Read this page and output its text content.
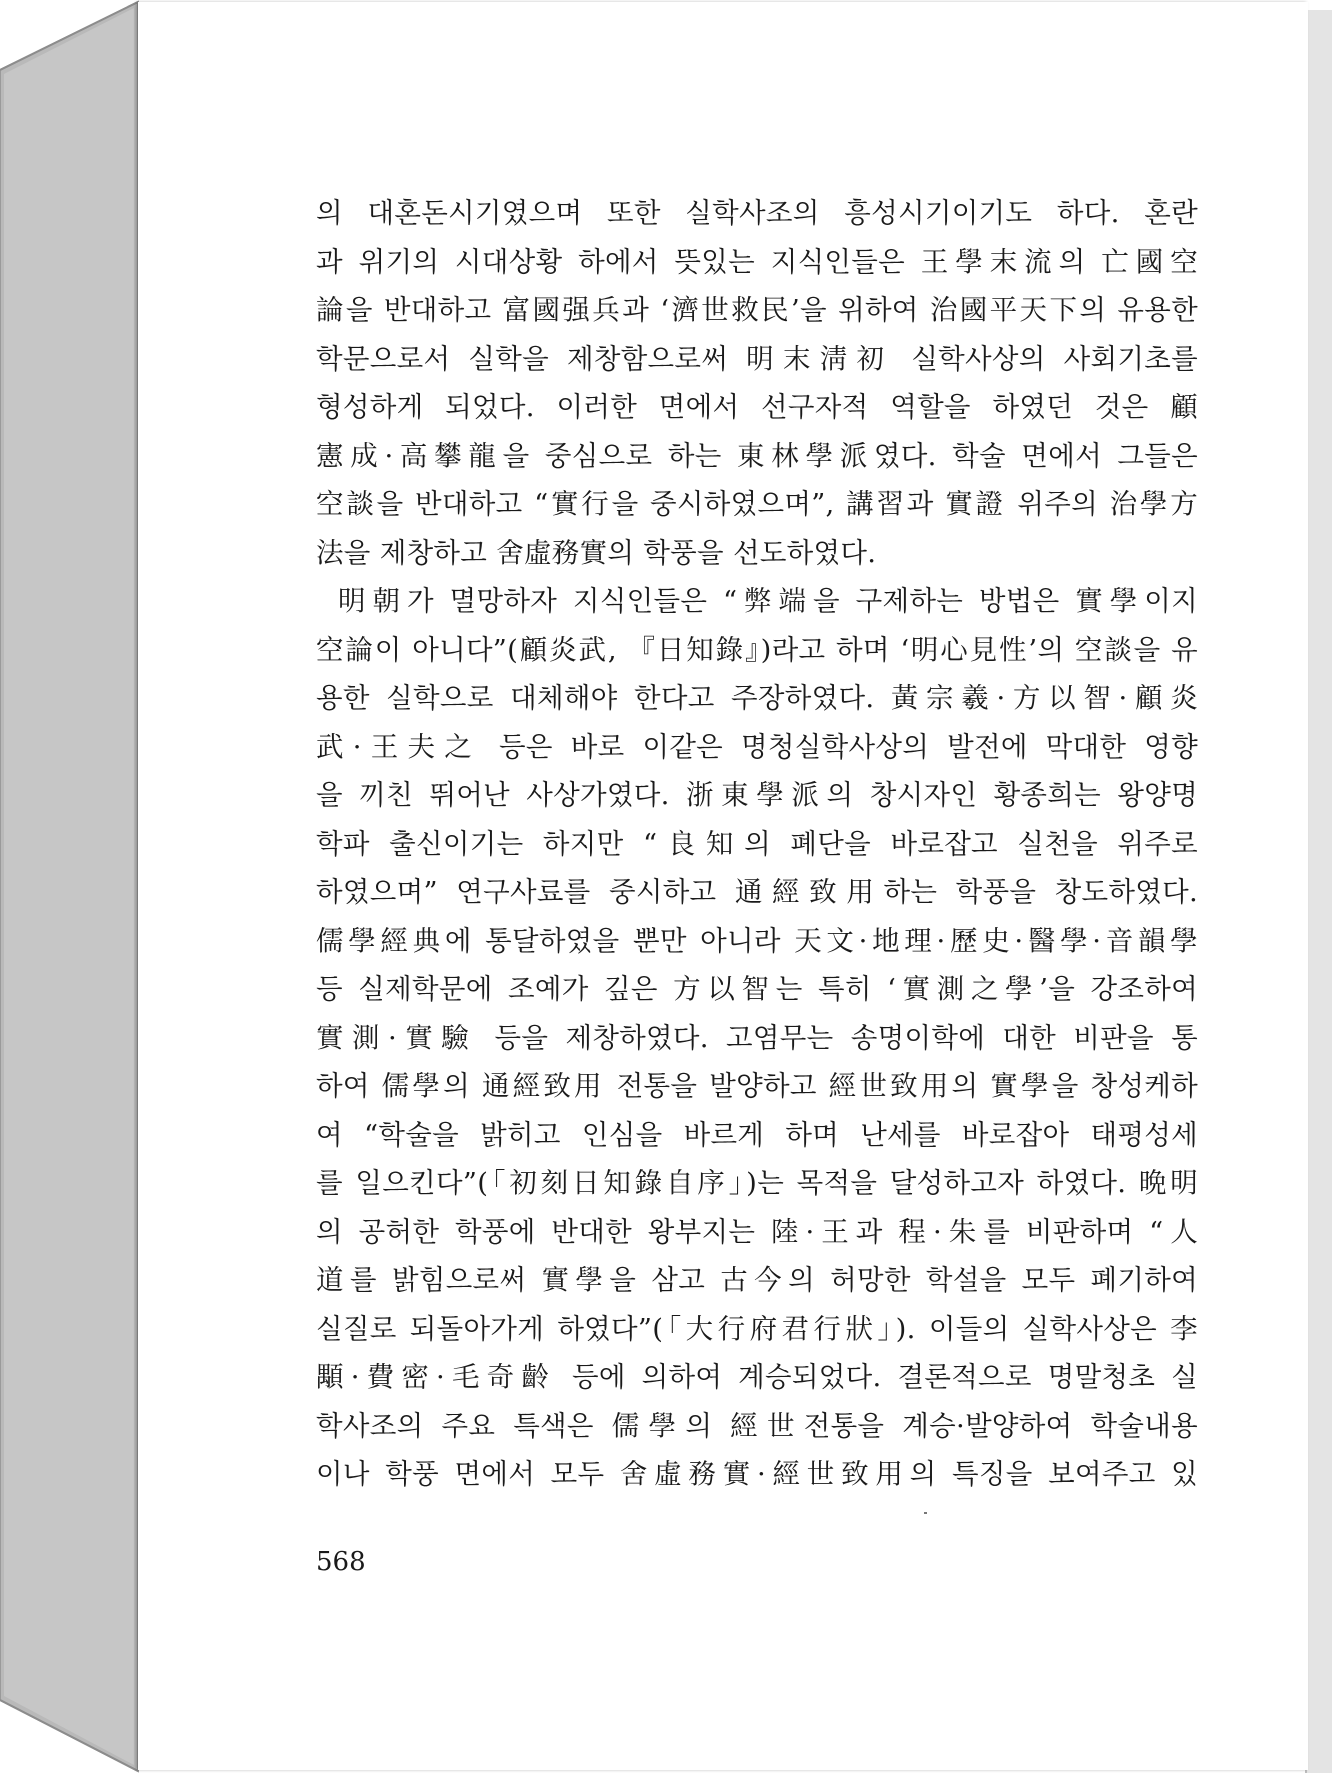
의 대혼돈시기였으며 또한 실학사조의 흥성시기이기도 하다. 혼란
과 위기의 시대상황 하에서 뜻있는 지식인들은 王學末流의 亡國空
論을 반대하고 富國强兵과 ‘濟世救民’을 위하여 治國平天下의 유용한
학문으로서 실학을 제창함으로써 明末淸初 실학사상의 사회기초를
형성하게 되었다. 이러한 면에서 선구자적 역할을 하였던 것은 顧
憲成·高攀龍을 중심으로 하는 東林學派였다. 학술 면에서 그들은
空談을 반대하고 “實行을 중시하였으며”, 講習과 實證 위주의 治學方
法을 제창하고 舍虛務實의 학풍을 선도하였다.
明朝가 멸망하자 지식인들은 “弊端을 구제하는 방법은 實學이지
空論이 아니다”(顧炎武, 『日知錄』)라고 하며 ‘明心見性’의 空談을 유
용한 실학으로 대체해야 한다고 주장하였다. 黃宗羲·方以智·顧炎
武·王夫之 등은 바로 이같은 명청실학사상의 발전에 막대한 영향
을 끼친 뛰어난 사상가였다. 浙東學派의 창시자인 황종희는 왕양명
학파 출신이기는 하지만 “良知의 폐단을 바로잡고 실천을 위주로
하였으며” 연구사료를 중시하고 通經致用하는 학풍을 창도하였다.
儒學經典에 통달하였을 뿐만 아니라 天文·地理·歷史·醫學·音韻學
등 실제학문에 조예가 깊은 方以智는 특히 ‘實測之學’을 강조하여
實測·實驗 등을 제창하였다. 고염무는 송명이학에 대한 비판을 통
하여 儒學의 通經致用 전통을 발양하고 經世致用의 實學을 창성케하
여 “학술을 밝히고 인심을 바르게 하며 난세를 바로잡아 태평성세
를 일으킨다”(「初刻日知錄自序」)는 목적을 달성하고자 하였다. 晩明
의 공허한 학풍에 반대한 왕부지는 陸·王과 程·朱를 비판하며 “人
道를 밝힘으로써 實學을 삼고 古今의 허망한 학설을 모두 폐기하여
실질로 되돌아가게 하였다”(「大行府君行狀」). 이들의 실학사상은 李
顒·費密·毛奇齡 등에 의하여 계승되었다. 결론적으로 명말청초 실
학사조의 주요 특색은 儒學의 經世전통을 계승·발양하여 학술내용
이나 학풍 면에서 모두 舍虛務實·經世致用의 특징을 보여주고 있
568
